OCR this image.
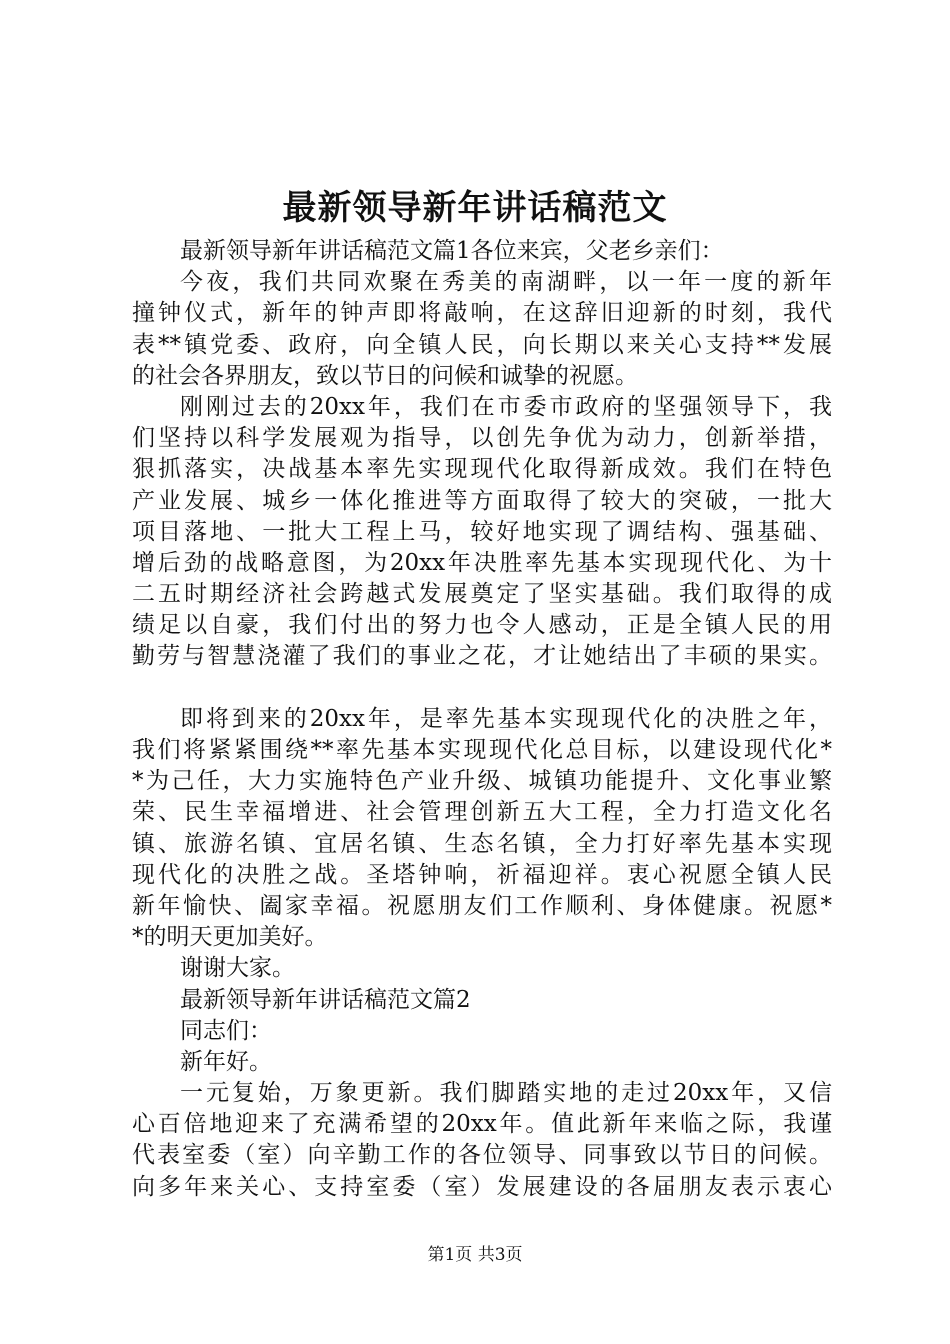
最新领导新年讲话稿范文
最新领导新年讲话稿范文篇1各位来宾，父老乡亲们：
今夜，我们共同欢聚在秀美的南湖畔，以一年一度的新年
撞钟仪式，新年的钟声即将敲响，在这辞旧迎新的时刻，我代
表**镇党委、政府，向全镇人民，向长期以来关心支持**发展
的社会各界朋友，致以节日的问候和诚挚的祝愿。
刚刚过去的20xx年，我们在市委市政府的坚强领导下，我
们坚持以科学发展观为指导，以创先争优为动力，创新举措，
狠抓落实，决战基本率先实现现代化取得新成效。我们在特色
产业发展、城乡一体化推进等方面取得了较大的突破，一批大
项目落地、一批大工程上马，较好地实现了调结构、强基础、
增后劲的战略意图，为20xx年决胜率先基本实现现代化、为十
二五时期经济社会跨越式发展奠定了坚实基础。我们取得的成
绩足以自豪，我们付出的努力也令人感动，正是全镇人民的用
勤劳与智慧浇灌了我们的事业之花，才让她结出了丰硕的果实。
即将到来的20xx年，是率先基本实现现代化的决胜之年，
我们将紧紧围绕**率先基本实现现代化总目标，以建设现代化*
*为己任，大力实施特色产业升级、城镇功能提升、文化事业繁
荣、民生幸福增进、社会管理创新五大工程，全力打造文化名
镇、旅游名镇、宜居名镇、生态名镇，全力打好率先基本实现
现代化的决胜之战。圣塔钟响，祈福迎祥。衷心祝愿全镇人民
新年愉快、阖家幸福。祝愿朋友们工作顺利、身体健康。祝愿*
*的明天更加美好。
谢谢大家。
最新领导新年讲话稿范文篇2
同志们：
新年好。
一元复始，万象更新。我们脚踏实地的走过20xx年，又信
心百倍地迎来了充满希望的20xx年。值此新年来临之际，我谨
代表室委（室）向辛勤工作的各位领导、同事致以节日的问候。
向多年来关心、支持室委（室）发展建设的各届朋友表示衷心
第1页 共3页
